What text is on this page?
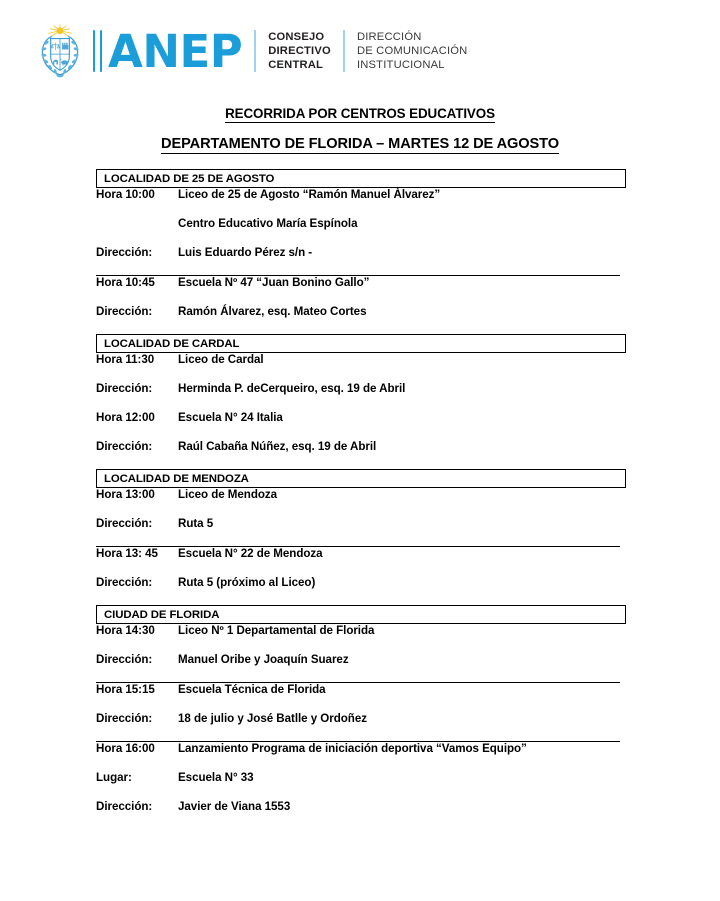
ANEP CONSEJO
DIRECTIVO
CENTRAL
DIRECCIÓN
DE COMUNICACIÓN
INSTITUCIONAL
RECORRIDA POR CENTROS EDUCATIVOS
DEPARTAMENTO DE FLORIDA – MARTES 12 DE AGOSTO
LOCALIDAD DE 25 DE AGOSTO
Hora 10:00	Liceo de 25 de Agosto “Ramón Manuel Álvarez”
Centro Educativo María Espínola
Dirección:	Luis Eduardo Pérez s/n -
Hora 10:45	Escuela Nº 47 “Juan Bonino Gallo”
Dirección:	Ramón Álvarez, esq. Mateo Cortes
LOCALIDAD DE CARDAL
Hora 11:30	Liceo de Cardal
Dirección:	Herminda P. deCerqueiro, esq. 19 de Abril
Hora 12:00	Escuela N° 24 Italia
Dirección:	Raúl Cabaña Núñez, esq. 19 de Abril
LOCALIDAD DE MENDOZA
Hora 13:00	Liceo de Mendoza
Dirección:	Ruta 5
Hora 13: 45	Escuela N° 22 de Mendoza
Dirección:	Ruta 5 (próximo al Liceo)
CIUDAD DE FLORIDA
Hora 14:30	Liceo Nº 1 Departamental de Florida
Dirección:	Manuel Oribe y Joaquín Suarez
Hora 15:15	Escuela Técnica de Florida
Dirección:	18 de julio y José Batlle y Ordoñez
Hora 16:00	Lanzamiento Programa de iniciación deportiva “Vamos Equipo”
Lugar:	Escuela N° 33
Dirección:	Javier de Viana 1553
